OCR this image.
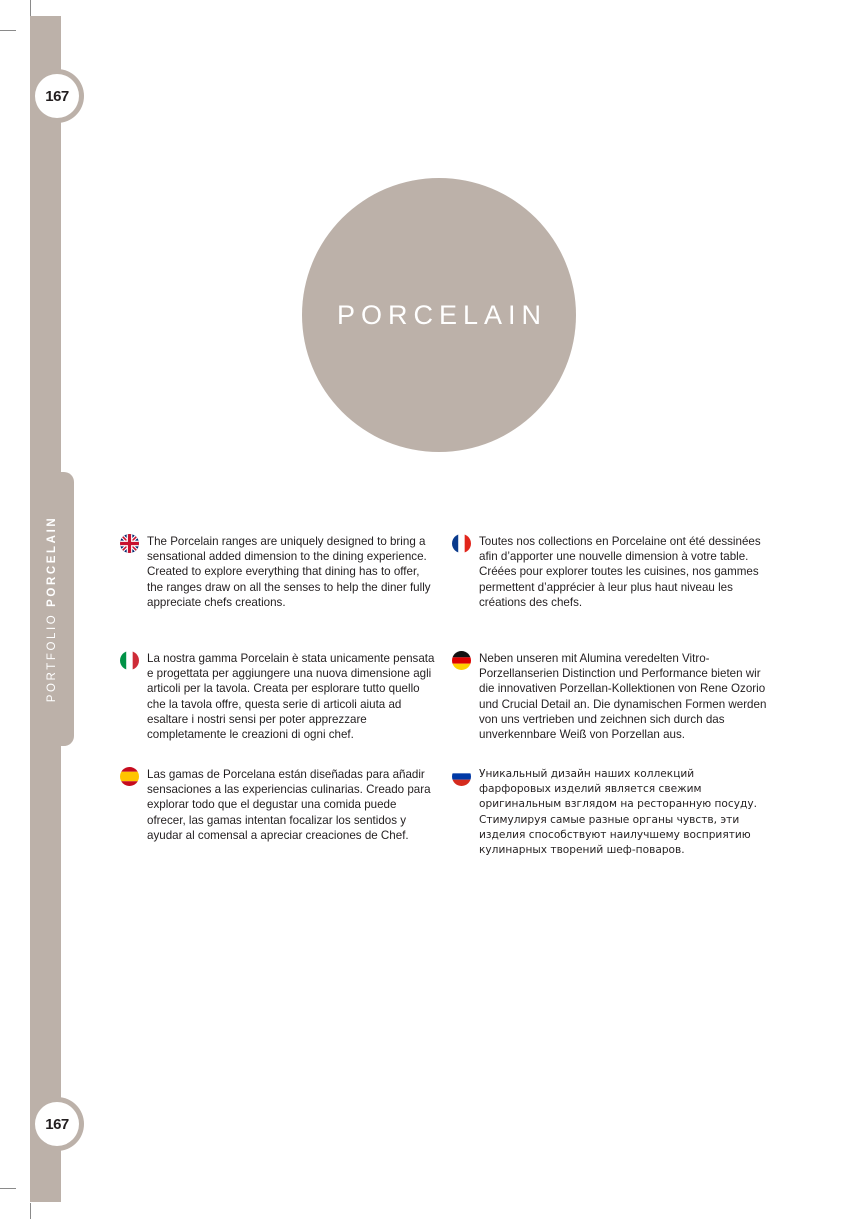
PORTFOLIO PORCELAIN
167
167
PORCELAIN
The Porcelain ranges are uniquely designed to bring a sensational added dimension to the dining experience. Created to explore everything that dining has to offer, the ranges draw on all the senses to help the diner fully appreciate chefs creations.
Toutes nos collections en Porcelaine ont été dessinées afin d’apporter une nouvelle dimension à votre table. Créées pour explorer toutes les cuisines, nos gammes permettent d’apprécier à leur plus haut niveau les créations des chefs.
La nostra gamma Porcelain è stata unicamente pensata e progettata per aggiungere una nuova dimensione agli articoli per la tavola. Creata per esplorare tutto quello che la tavola offre, questa serie di articoli aiuta ad esaltare i nostri sensi per poter apprezzare completamente le creazioni di ogni chef.
Neben unseren mit Alumina veredelten Vitro-Porzellanserien Distinction und Performance bieten wir die innovativen Porzellan-Kollektionen von Rene Ozorio und Crucial Detail an. Die dynamischen Formen werden von uns vertrieben und zeichnen sich durch das unverkennbare Weiß von Porzellan aus.
Las gamas de Porcelana están diseñadas para añadir sensaciones a las experiencias culinarias. Creado para explorar todo que el degustar una comida puede ofrecer, las gamas intentan focalizar los sentidos y ayudar al comensal a apreciar creaciones de Chef.
Уникальный дизайн наших коллекций фарфоровых изделий является свежим оригинальным взглядом на ресторанную посуду. Стимулируя самые разные органы чувств, эти изделия способствуют наилучшему восприятию кулинарных творений шеф-поваров.
